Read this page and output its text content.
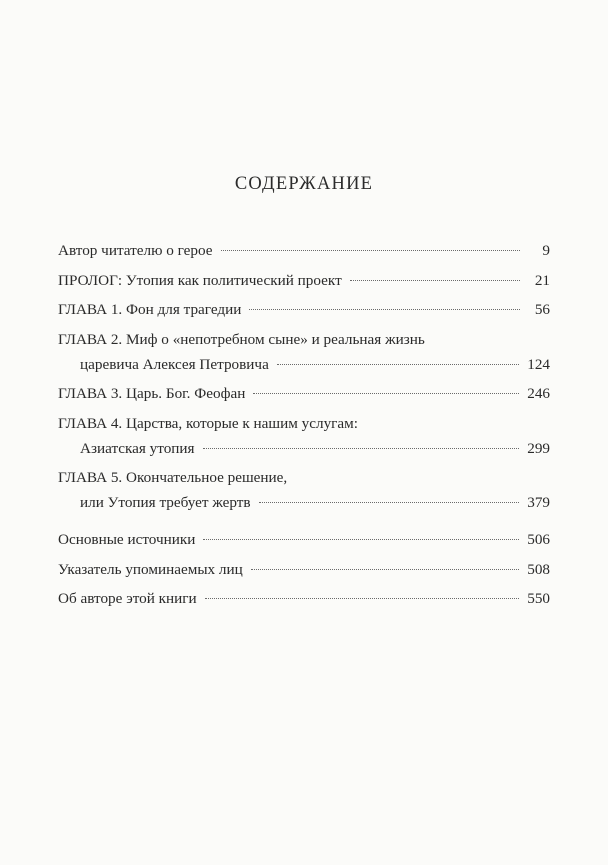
СОДЕРЖАНИЕ
Автор читателю о герое	9
ПРОЛОГ: Утопия как политический проект	21
ГЛАВА 1. Фон для трагедии	56
ГЛАВА 2. Миф о «непотребном сыне» и реальная жизнь
царевича Алексея Петровича	124
ГЛАВА 3. Царь. Бог. Феофан	246
ГЛАВА 4. Царства, которые к нашим услугам:
Азиатская утопия	299
ГЛАВА 5. Окончательное решение,
или Утопия требует жертв	379
Основные источники	506
Указатель упоминаемых лиц	508
Об авторе этой книги	550
